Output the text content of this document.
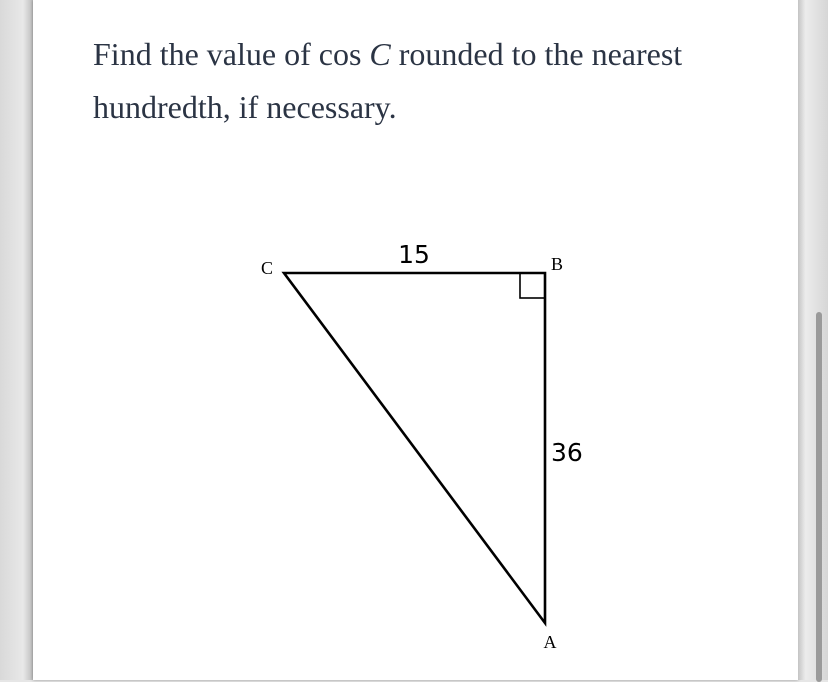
Find the value of cos C rounded to the nearest hundredth, if necessary.

C	B
A
15
36
